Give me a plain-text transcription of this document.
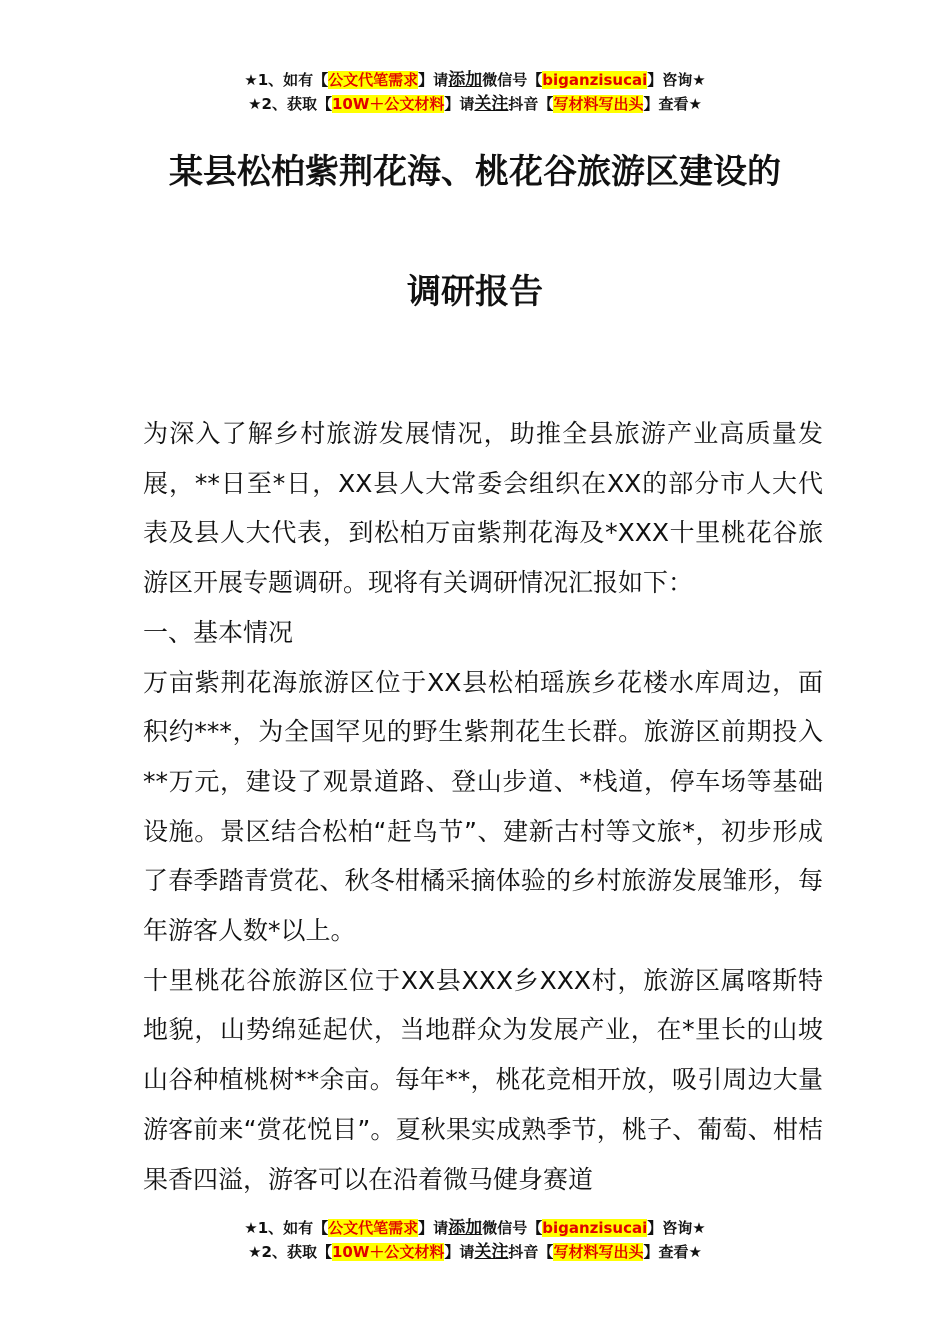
★1、如有【公文代笔需求】请添加微信号【biganzisucai】咨询★
★2、获取【10W＋公文材料】请关注抖音【写材料写出头】查看★
某县松柏紫荆花海、桃花谷旅游区建设的
调研报告

为深入了解乡村旅游发展情况，助推全县旅游产业高质量发展，**日至*日，XX县人大常委会组织在XX的部分市人大代表及县人大代表，到松柏万亩紫荆花海及*XXX十里桃花谷旅游区开展专题调研。现将有关调研情况汇报如下：

一、基本情况

万亩紫荆花海旅游区位于XX县松柏瑶族乡花楼水库周边，面积约***，为全国罕见的野生紫荆花生长群。旅游区前期投入**万元，建设了观景道路、登山步道、*栈道，停车场等基础设施。景区结合松柏“赶鸟节”、建新古村等文旅*，初步形成了春季踏青赏花、秋冬柑橘采摘体验的乡村旅游发展雏形，每年游客人数*以上。

十里桃花谷旅游区位于XX县XXX乡XXX村，旅游区属喀斯特地貌，山势绵延起伏，当地群众为发展产业，在*里长的山坡山谷种植桃树**余亩。每年**，桃花竞相开放，吸引周边大量游客前来“赏花悦目”。夏秋果实成熟季节，桃子、葡萄、柑桔果香四溢，游客可以在沿着微马健身赛道

★1、如有【公文代笔需求】请添加微信号【biganzisucai】咨询★
★2、获取【10W＋公文材料】请关注抖音【写材料写出头】查看★
